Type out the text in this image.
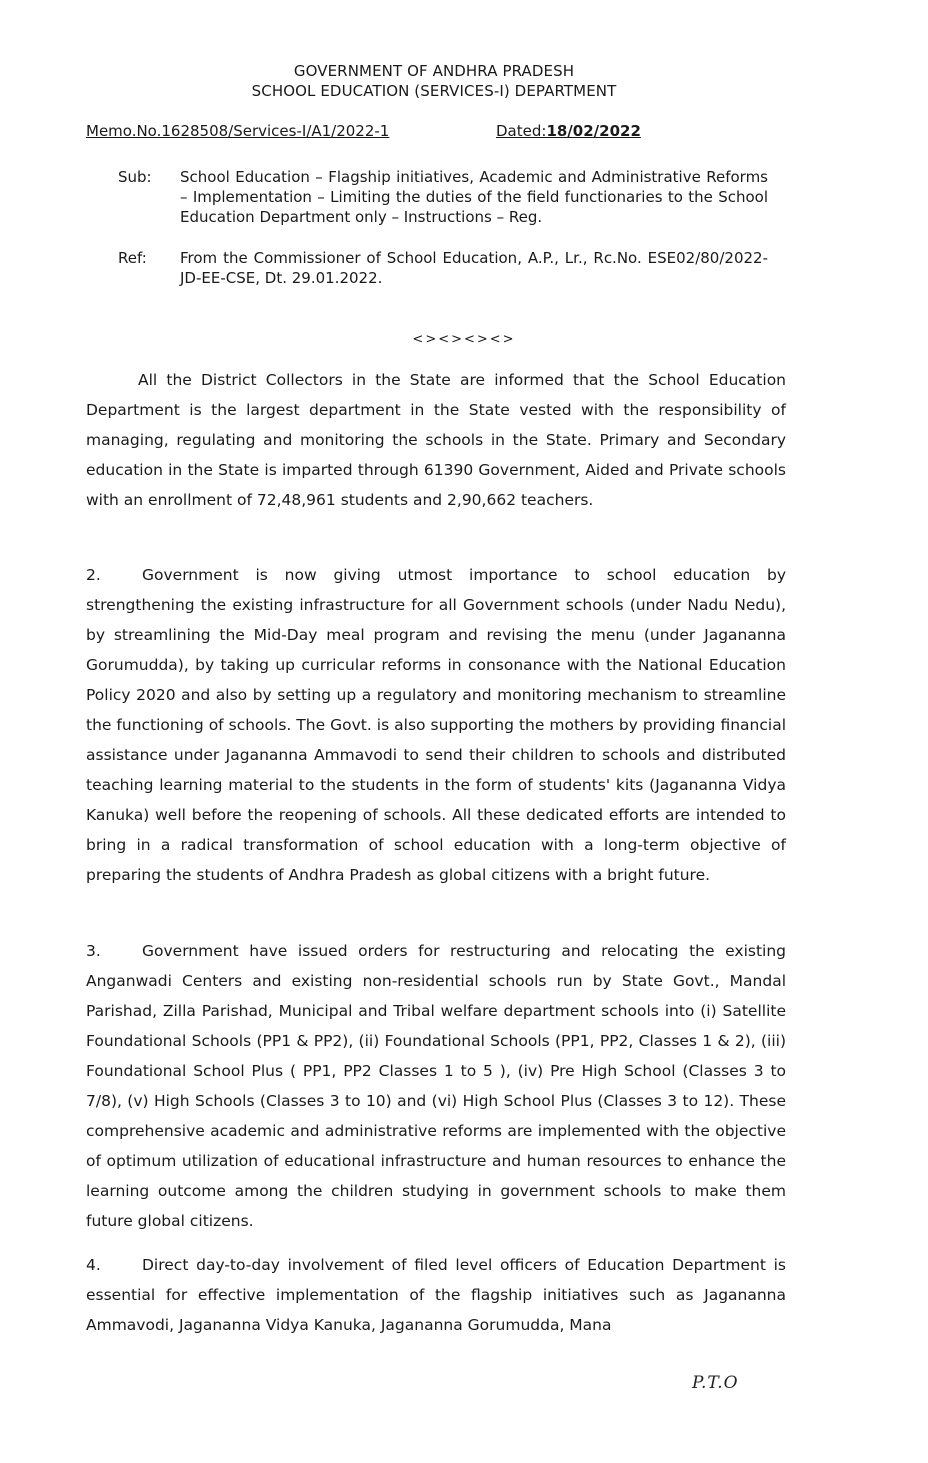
GOVERNMENT OF ANDHRA PRADESH
SCHOOL EDUCATION (SERVICES-I) DEPARTMENT
Memo.No.1628508/Services-I/A1/2022-1	Dated:18/02/2022
Sub: School Education – Flagship initiatives, Academic and Administrative Reforms – Implementation – Limiting the duties of the field functionaries to the School Education Department only – Instructions – Reg.
Ref: From the Commissioner of School Education, A.P., Lr., Rc.No. ESE02/80/2022-JD-EE-CSE, Dt. 29.01.2022.
<><><><>
All the District Collectors in the State are informed that the School Education Department is the largest department in the State vested with the responsibility of managing, regulating and monitoring the schools in the State. Primary and Secondary education in the State is imparted through 61390 Government, Aided and Private schools with an enrollment of 72,48,961 students and 2,90,662 teachers.
2.	Government is now giving utmost importance to school education by strengthening the existing infrastructure for all Government schools (under Nadu Nedu), by streamlining the Mid-Day meal program and revising the menu (under Jagananna Gorumudda), by taking up curricular reforms in consonance with the National Education Policy 2020 and also by setting up a regulatory and monitoring mechanism to streamline the functioning of schools. The Govt. is also supporting the mothers by providing financial assistance under Jagananna Ammavodi to send their children to schools and distributed teaching learning material to the students in the form of students' kits (Jagananna Vidya Kanuka) well before the reopening of schools. All these dedicated efforts are intended to bring in a radical transformation of school education with a long-term objective of preparing the students of Andhra Pradesh as global citizens with a bright future.
3.	Government have issued orders for restructuring and relocating the existing Anganwadi Centers and existing non-residential schools run by State Govt., Mandal Parishad, Zilla Parishad, Municipal and Tribal welfare department schools into (i) Satellite Foundational Schools (PP1 & PP2), (ii) Foundational Schools (PP1, PP2, Classes 1 & 2), (iii) Foundational School Plus ( PP1, PP2 Classes 1 to 5 ), (iv) Pre High School (Classes 3 to 7/8), (v) High Schools (Classes 3 to 10) and (vi) High School Plus (Classes 3 to 12). These comprehensive academic and administrative reforms are implemented with the objective of optimum utilization of educational infrastructure and human resources to enhance the learning outcome among the children studying in government schools to make them future global citizens.
4.	Direct day-to-day involvement of filed level officers of Education Department is essential for effective implementation of the flagship initiatives such as Jagananna Ammavodi, Jagananna Vidya Kanuka, Jagananna Gorumudda, Mana
P.T.O
